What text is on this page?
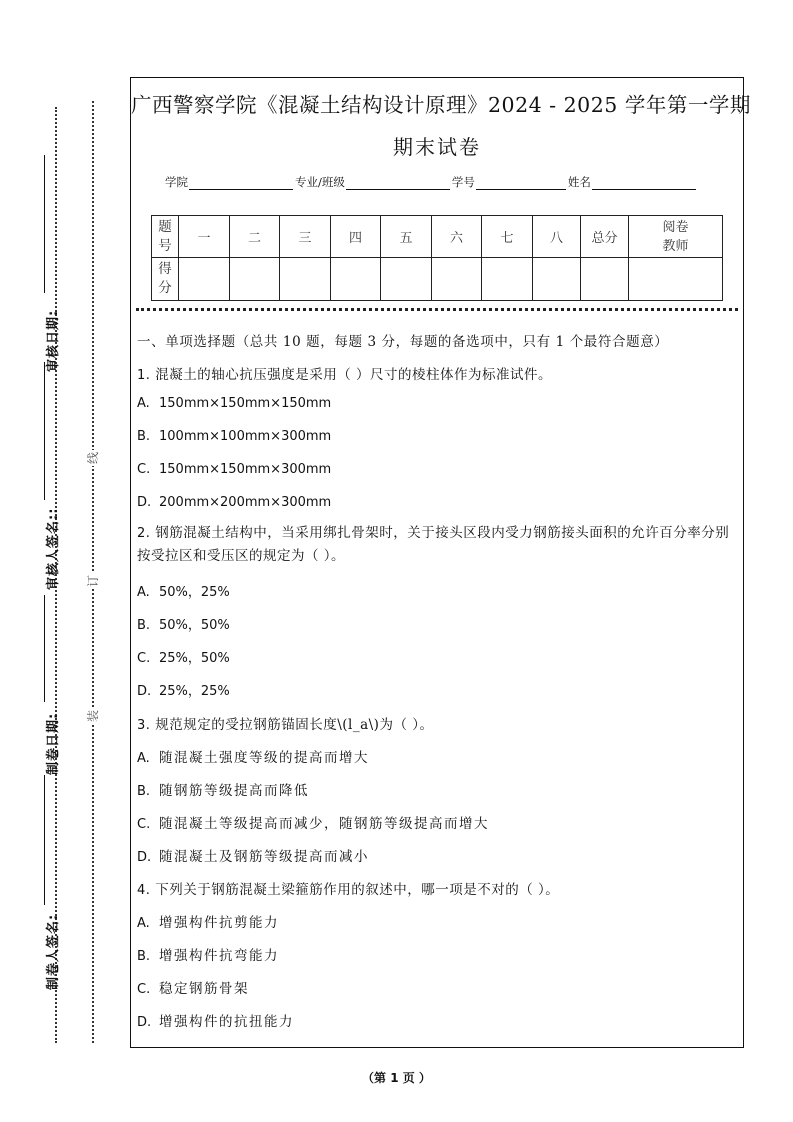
审核日期:
审核人签名::
制卷日期:
制卷人签名:
线
订
装
广西警察学院《混凝土结构设计原理》2024 - 2025 学年第一学期
期末试卷
学院	专业/班级	学号	姓名
题号	一	二	三	四	五	六	七	八	总分	阅卷教师
得分										
一、单项选择题（总共 10 题，每题 3 分，每题的备选项中，只有 1 个最符合题意）
1. 混凝土的轴心抗压强度是采用（ ）尺寸的棱柱体作为标准试件。
A. 150mm×150mm×150mm
B. 100mm×100mm×300mm
C. 150mm×150mm×300mm
D. 200mm×200mm×300mm
2. 钢筋混凝土结构中，当采用绑扎骨架时，关于接头区段内受力钢筋接头面积的允许百分率分别按受拉区和受压区的规定为（ ）。
A. 50%，25%
B. 50%，50%
C. 25%，50%
D. 25%，25%
3. 规范规定的受拉钢筋锚固长度\(l_a\)为（ ）。
A. 随混凝土强度等级的提高而增大
B. 随钢筋等级提高而降低
C. 随混凝土等级提高而减少，随钢筋等级提高而增大
D. 随混凝土及钢筋等级提高而减小
4. 下列关于钢筋混凝土梁箍筋作用的叙述中，哪一项是不对的（ ）。
A. 增强构件抗剪能力
B. 增强构件抗弯能力
C. 稳定钢筋骨架
D. 增强构件的抗扭能力
（第 1 页 ）
